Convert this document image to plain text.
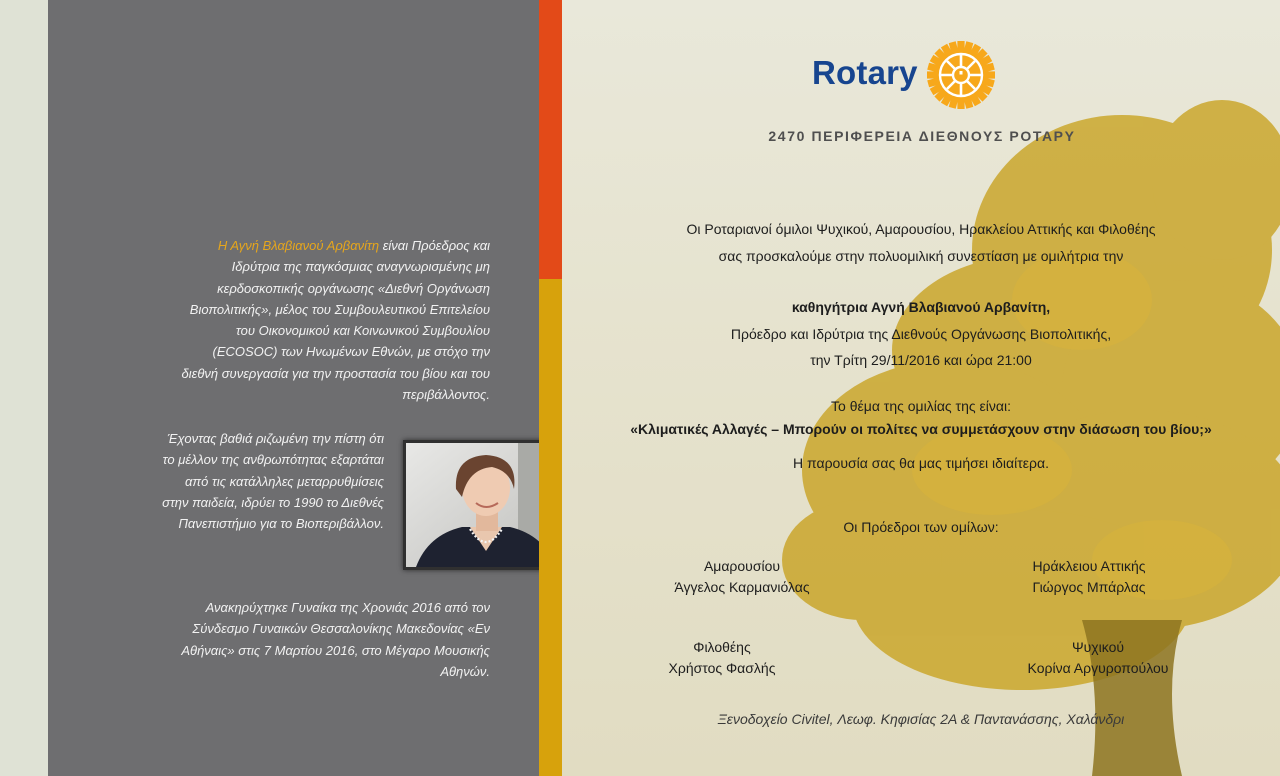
Η Αγνή Βλαβιανού Αρβανίτη είναι Πρόεδρος και Ιδρύτρια της παγκόσμιας αναγνωρισμένης μη κερδοσκοπικής οργάνωσης «Διεθνή Οργάνωση Βιοπολιτικής», μέλος του Συμβουλευτικού Επιτελείου του Οικονομικού και Κοινωνικού Συμβουλίου (ECOSOC) των Ηνωμένων Εθνών, με στόχο την διεθνή συνεργασία για την προστασία του βίου και του περιβάλλοντος.

Έχοντας βαθιά ριζωμένη την πίστη ότι το μέλλον της ανθρωπότητας εξαρτάται από τις κατάλληλες μεταρρυθμίσεις στην παιδεία, ιδρύει το 1990 το Διεθνές Πανεπιστήμιο για το Βιοπεριβάλλον.

Ανακηρύχτηκε Γυναίκα της Χρονιάς 2016 από τον Σύνδεσμο Γυναικών Θεσσαλονίκης Μακεδονίας «Εν Αθήναις» στις 7 Μαρτίου 2016, στο Μέγαρο Μουσικής Αθηνών.

Rotary

2470 ΠΕΡΙΦΕΡΕΙΑ ΔΙΕΘΝΟΥΣ ΡΟΤΑΡΥ

Οι Ροταριανοί όμιλοι Ψυχικού, Αμαρουσίου, Ηρακλείου Αττικής και Φιλοθέης

σας προσκαλούμε στην πολυομιλική συνεστίαση με ομιλήτρια την

καθηγήτρια Αγνή Βλαβιανού Αρβανίτη,

Πρόεδρο και Ιδρύτρια της Διεθνούς Οργάνωσης Βιοπολιτικής,

την Τρίτη 29/11/2016 και ώρα 21:00

Το θέμα της ομιλίας της είναι:

«Κλιματικές Αλλαγές – Μπορούν οι πολίτες να συμμετάσχουν στην διάσωση του βίου;»

Η παρουσία σας θα μας τιμήσει ιδιαίτερα.

Οι Πρόεδροι των ομίλων:

Αμαρουσίου
Άγγελος Καρμανιόλας
Ηράκλειου Αττικής
Γιώργος Μπάρλας
Φιλοθέης
Χρήστος Φασλής
Ψυχικού
Κορίνα Αργυροπούλου

Ξενοδοχείο Civitel, Λεωφ. Κηφισίας 2Α & Παντανάσσης, Χαλάνδρι
